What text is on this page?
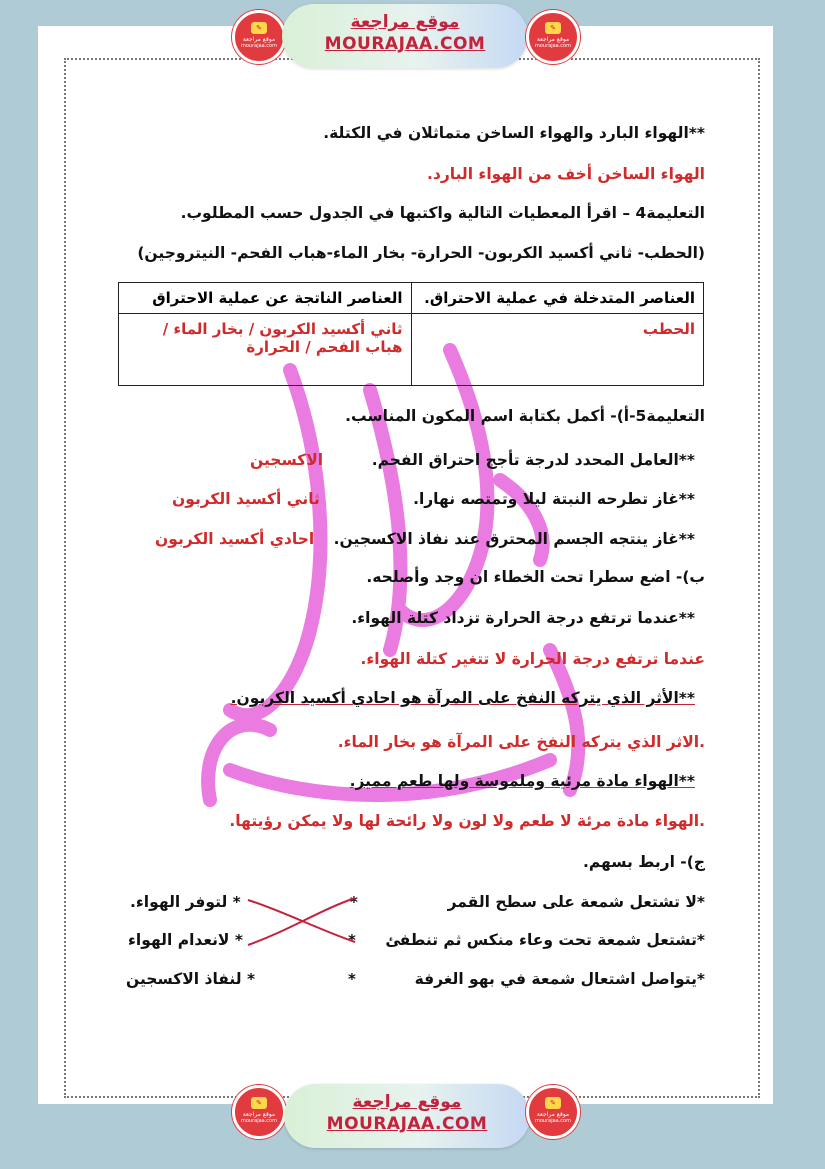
✎
موقع مراجعة
mourajaa.com
موقع مراجعة
MOURAJAA.COM
✎
موقع مراجعة
mourajaa.com
**الهواء البارد والهواء الساخن متماثلان في الكتلة.
الهواء الساخن أخف من الهواء البارد.
التعليمة4 – اقرأ المعطيات التالية واكتبها في الجدول حسب المطلوب.
(الحطب- ثاني أكسيد الكربون- الحرارة- بخار الماء-هباب الفحم- النيتروجين)
العناصر المتدخلة في عملية الاحتراق.	العناصر الناتجة عن عملية الاحتراق
الحطب	ثاني أكسيد الكربون / بخار الماء /
هباب الفحم / الحرارة
التعليمة5-أ)- أكمل بكتابة اسم المكون المناسب.
**العامل المحدد لدرجة تأجج احتراق الفحم.
الاكسجين
**غاز تطرحه النبتة ليلا وتمتصه نهارا.
ثاني أكسيد الكربون
**غاز ينتجه الجسم المحترق عند نفاذ الاكسجين.
احادي أكسيد الكربون
ب)- اضع سطرا تحت الخطاء ان وجد وأصلحه.
**عندما ترتفع درجة الحرارة تزداد كتلة الهواء.
عندما ترتفع درجة الحرارة لا تتغير كتلة الهواء.
**الأثر الذي يتركه النفخ على المرآة هو احادي أكسيد الكربون.
.الاثر الذي يتركه النفخ على المرآة هو بخار الماء.
**الهواء مادة مرئية وملموسة ولها طعم مميز.
.الهواء مادة مرئة لا طعم ولا لون ولا رائحة لها ولا يمكن رؤيتها.
ج)- اربط بسهم.
*لا تشتعل شمعة على سطح القمر
*تشتعل شمعة تحت وعاء منكس ثم تنطفئ
*يتواصل اشتعال شمعة في بهو الغرفة
*
*
*
* لتوفر الهواء.
* لانعدام الهواء
* لنفاذ الاكسجين
✎
موقع مراجعة
mourajaa.com
موقع مراجعة
MOURAJAA.COM
✎
موقع مراجعة
mourajaa.com
